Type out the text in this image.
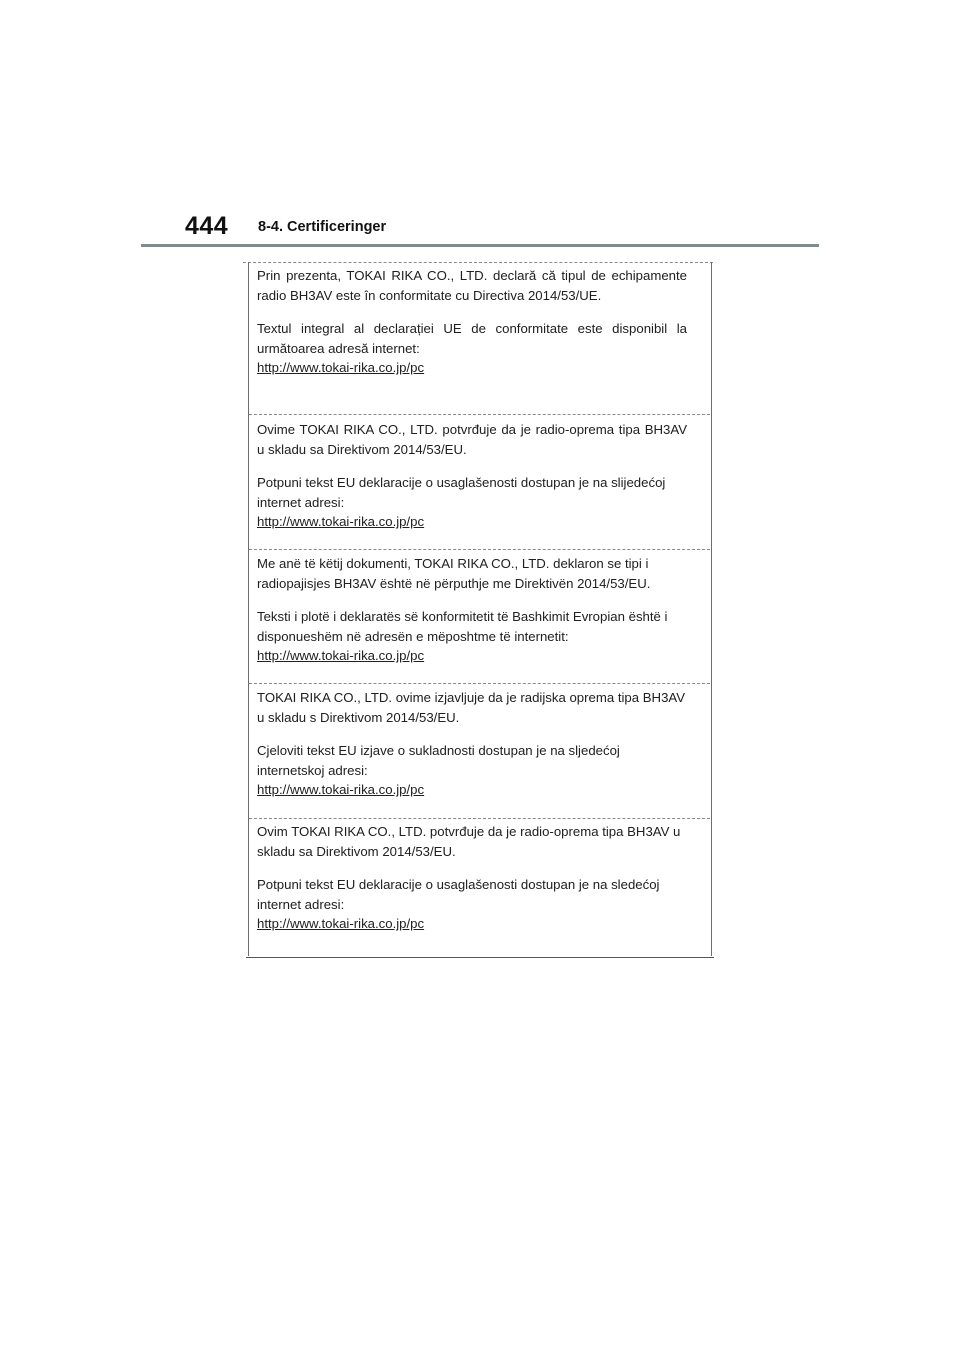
444 8-4. Certificeringer

Prin prezenta, TOKAI RIKA CO., LTD. declară că tipul de echipamente radio BH3AV este în conformitate cu Directiva 2014/53/UE.

Textul integral al declarației UE de conformitate este disponibil la următoarea adresă internet:

http://www.tokai-rika.co.jp/pc

Ovime TOKAI RIKA CO., LTD. potvrđuje da je radio-oprema tipa BH3AV u skladu sa Direktivom 2014/53/EU.

Potpuni tekst EU deklaracije o usaglašenosti dostupan je na slijedećoj internet adresi:

http://www.tokai-rika.co.jp/pc

Me anë të këtij dokumenti, TOKAI RIKA CO., LTD. deklaron se tipi i radiopajisjes BH3AV është në përputhje me Direktivën 2014/53/EU.

Teksti i plotë i deklaratës së konformitetit të Bashkimit Evropian është i disponueshëm në adresën e mëposhtme të internetit:

http://www.tokai-rika.co.jp/pc

TOKAI RIKA CO., LTD. ovime izjavljuje da je radijska oprema tipa BH3AV u skladu s Direktivom 2014/53/EU.

Cjeloviti tekst EU izjave o sukladnosti dostupan je na sljedećoj internetskoj adresi:

http://www.tokai-rika.co.jp/pc

Ovim TOKAI RIKA CO., LTD. potvrđuje da je radio-oprema tipa BH3AV u skladu sa Direktivom 2014/53/EU.

Potpuni tekst EU deklaracije o usaglašenosti dostupan je na sledećoj internet adresi:

http://www.tokai-rika.co.jp/pc
